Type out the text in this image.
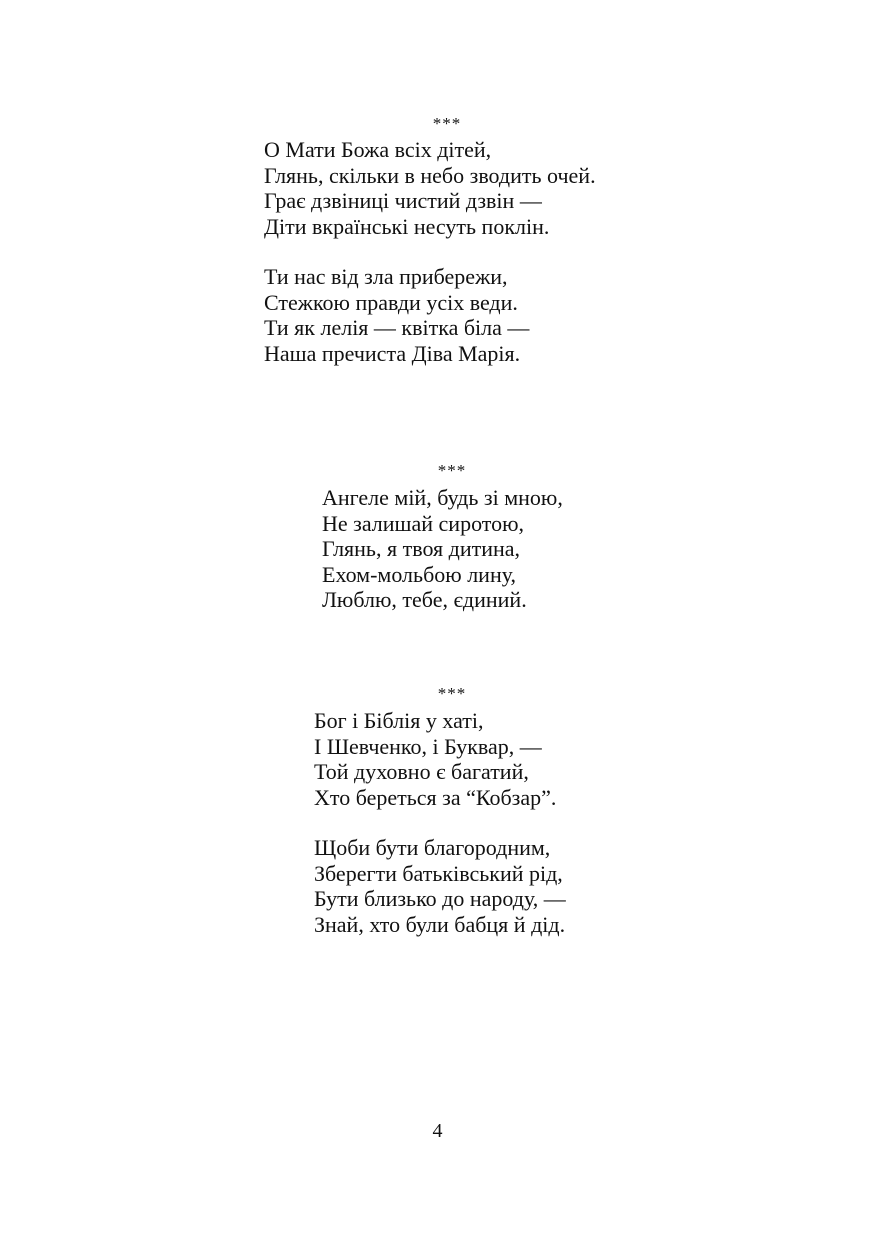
***
О Мати Божа всіх дітей,
Глянь, скільки в небо зводить очей.
Грає дзвіниці чистий дзвін —
Діти вкраїнські несуть поклін.
Ти нас від зла прибережи,
Стежкою правди усіх веди.
Ти як лелія — квітка біла —
Наша пречиста Діва Марія.
***
Ангеле мій, будь зі мною,
Не залишай сиротою,
Глянь, я твоя дитина,
Ехом-мольбою лину,
Люблю, тебе, єдиний.
***
Бог і Біблія у хаті,
І Шевченко, і Буквар, —
Той духовно є багатий,
Хто береться за “Кобзар”.
Щоби бути благородним,
Зберегти батьківський рід,
Бути близько до народу, —
Знай, хто були бабця й дід.
4
